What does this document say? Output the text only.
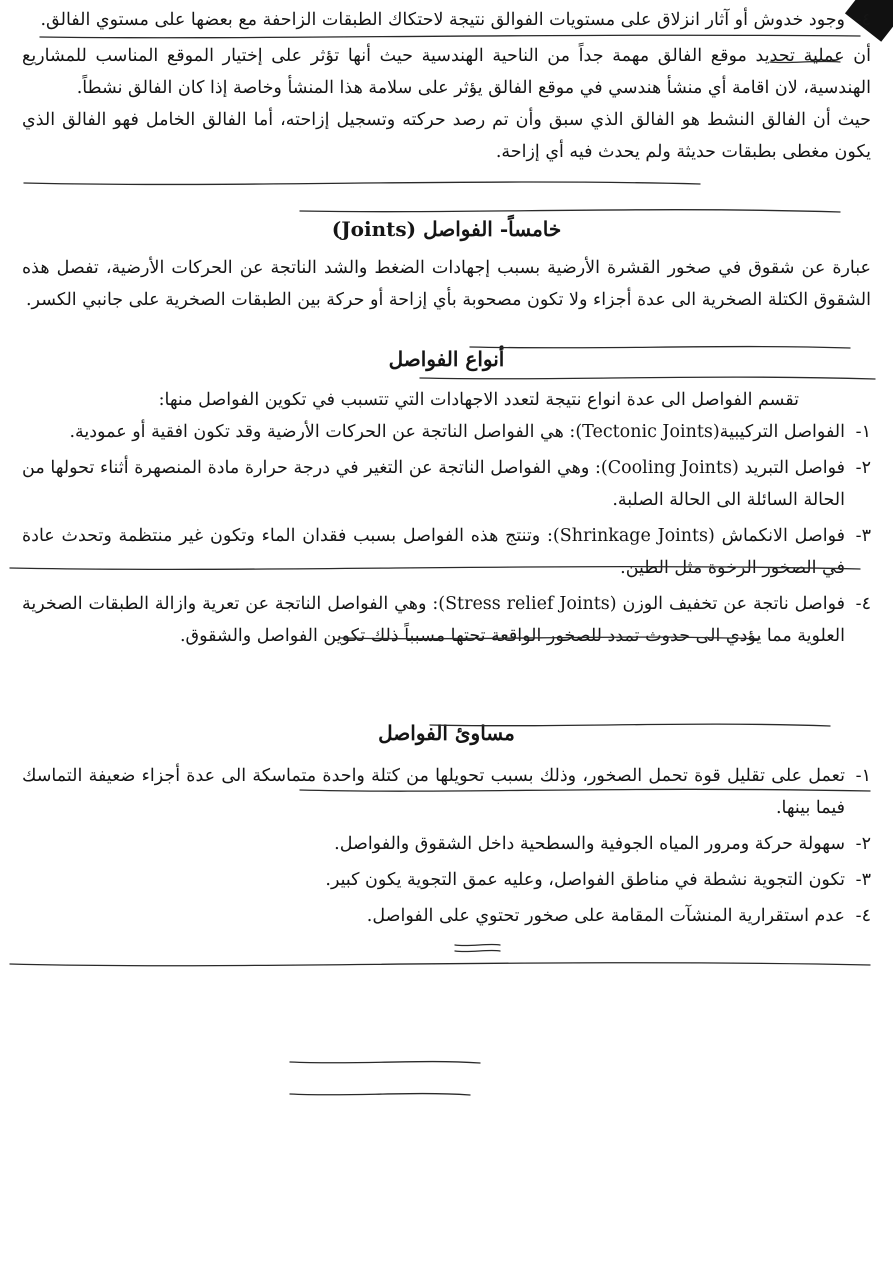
٤-
وجود خدوش أو آثار انزلاق على مستويات الفوالق نتيجة لاحتكاك الطبقات الزاحفة مع بعضها على مستوي الفالق.

أن عملية تحديد موقع الفالق مهمة جداً من الناحية الهندسية حيث أنها تؤثر على إختيار الموقع المناسب للمشاريع الهندسية، لان اقامة أي منشأ هندسي في موقع الفالق يؤثر على سلامة هذا المنشأ وخاصة إذا كان الفالق نشطاً.

حيث أن الفالق النشط هو الفالق الذي سبق وأن تم رصد حركته وتسجيل إزاحته، أما الفالق الخامل فهو الفالق الذي يكون مغطى بطبقات حديثة ولم يحدث فيه أي إزاحة.

خامساً- الفواصل (Joints)

عبارة عن شقوق في صخور القشرة الأرضية بسبب إجهادات الضغط والشد الناتجة عن الحركات الأرضية، تفصل هذه الشقوق الكتلة الصخرية الى عدة أجزاء ولا تكون مصحوبة بأي إزاحة أو حركة بين الطبقات الصخرية على جانبي الكسر.

أنواع الفواصل

تقسم الفواصل الى عدة انواع نتيجة لتعدد الاجهادات التي تتسبب في تكوين الفواصل منها:

١-
الفواصل التركيبية(Tectonic Joints): هي الفواصل الناتجة عن الحركات الأرضية وقد تكون افقية أو عمودية.

٢-
فواصل التبريد (Cooling Joints): وهي الفواصل الناتجة عن التغير في درجة حرارة مادة المنصهرة أثناء تحولها من الحالة السائلة الى الحالة الصلبة.

٣-
فواصل الانكماش (Shrinkage Joints): وتنتج هذه الفواصل بسبب فقدان الماء وتكون غير منتظمة وتحدث عادة في الصخور الرخوة مثل الطين.

٤-
فواصل ناتجة عن تخفيف الوزن (Stress relief Joints): وهي الفواصل الناتجة عن تعرية وازالة الطبقات الصخرية العلوية مما يؤدي الى حدوث تمدد للصخور الواقعة تحتها مسبباً ذلك تكوين الفواصل والشقوق.

مساوئ الفواصل

١-
تعمل على تقليل قوة تحمل الصخور، وذلك بسبب تحويلها من كتلة واحدة متماسكة الى عدة أجزاء ضعيفة التماسك فيما بينها.

٢-
سهولة حركة ومرور المياه الجوفية والسطحية داخل الشقوق والفواصل.

٣-
تكون التجوية نشطة في مناطق الفواصل، وعليه عمق التجوية يكون كبير.

٤-
عدم استقرارية المنشآت المقامة على صخور تحتوي على الفواصل.
